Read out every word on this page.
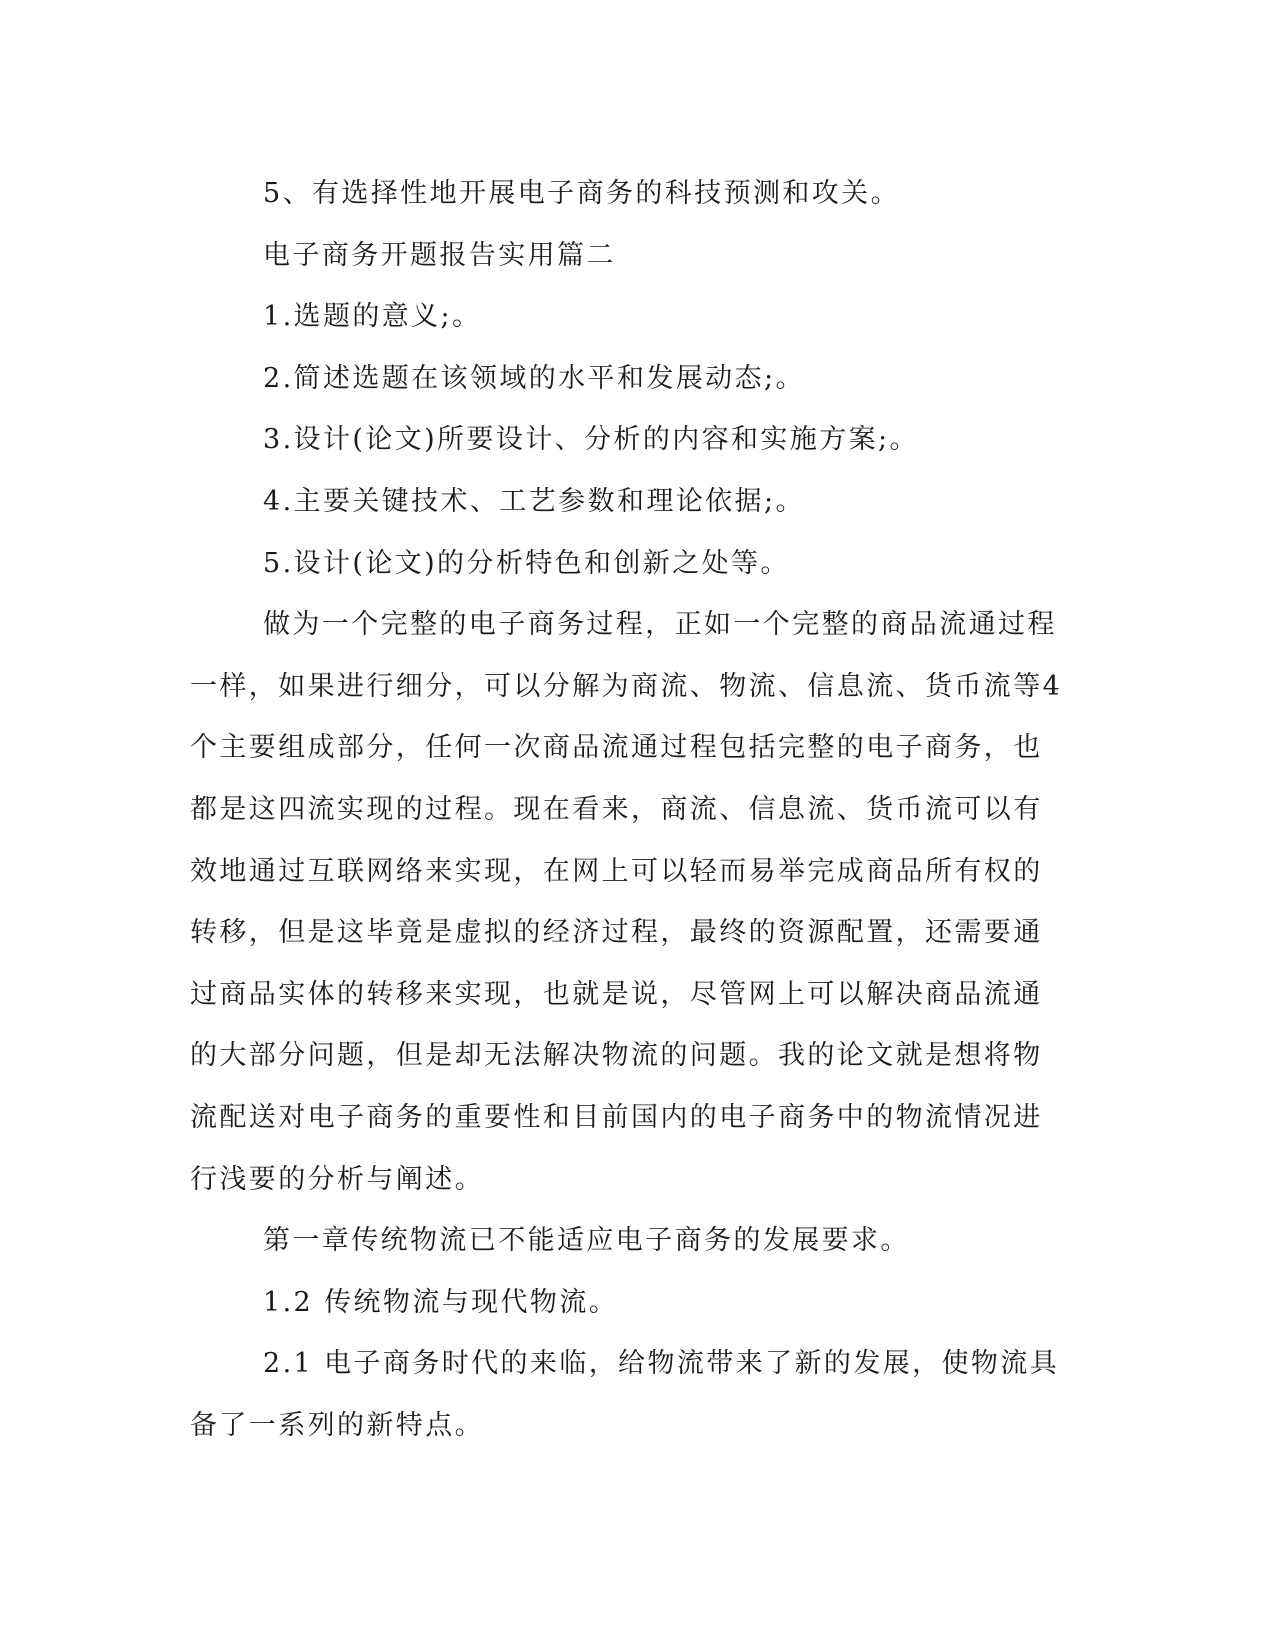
5、有选择性地开展电子商务的科技预测和攻关。

电子商务开题报告实用篇二

1.选题的意义;。

2.简述选题在该领域的水平和发展动态;。

3.设计(论文)所要设计、分析的内容和实施方案;。

4.主要关键技术、工艺参数和理论依据;。

5.设计(论文)的分析特色和创新之处等。

做为一个完整的电子商务过程，正如一个完整的商品流通过程一样，如果进行细分，可以分解为商流、物流、信息流、货币流等4个主要组成部分，任何一次商品流通过程包括完整的电子商务，也都是这四流实现的过程。现在看来，商流、信息流、货币流可以有效地通过互联网络来实现，在网上可以轻而易举完成商品所有权的转移，但是这毕竟是虚拟的经济过程，最终的资源配置，还需要通过商品实体的转移来实现，也就是说，尽管网上可以解决商品流通的大部分问题，但是却无法解决物流的问题。我的论文就是想将物流配送对电子商务的重要性和目前国内的电子商务中的物流情况进行浅要的分析与阐述。

第一章传统物流已不能适应电子商务的发展要求。

1.2 传统物流与现代物流。

2.1 电子商务时代的来临，给物流带来了新的发展，使物流具备了一系列的新特点。
